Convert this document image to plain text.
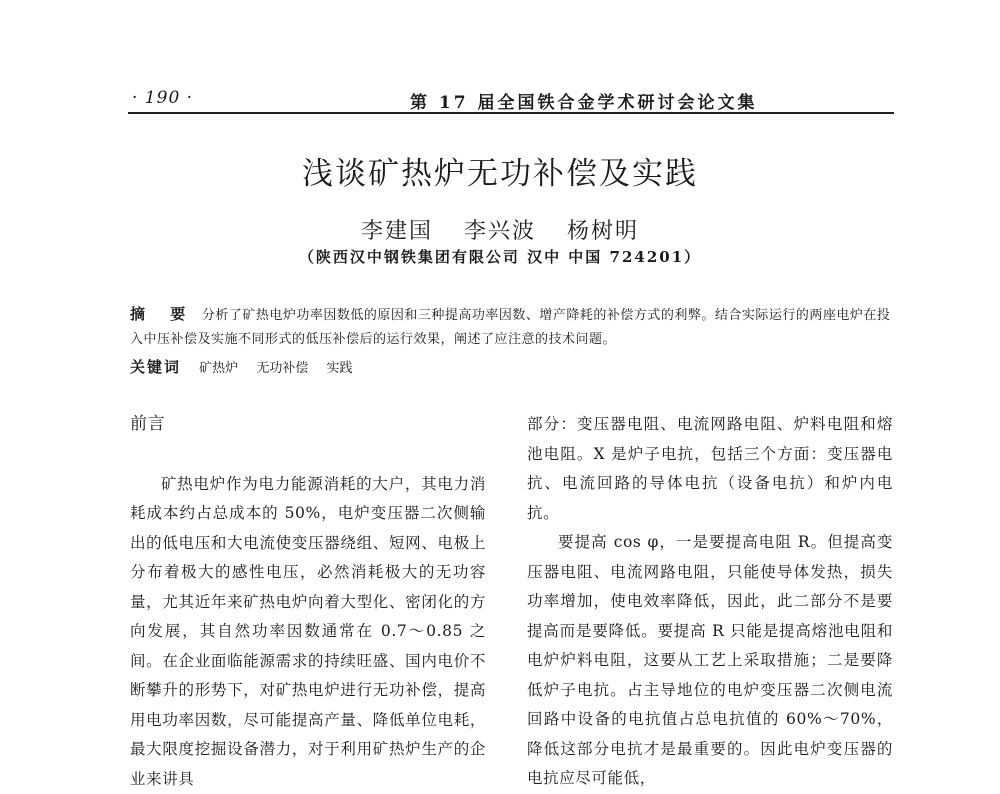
· 190 ·	第 17 届全国铁合金学术研讨会论文集
浅谈矿热炉无功补偿及实践
李建国 李兴波 杨树明
（陕西汉中钢铁集团有限公司 汉中 中国 724201）
摘 要 分析了矿热电炉功率因数低的原因和三种提高功率因数、增产降耗的补偿方式的利弊。结合实际运行的两座电炉在投入中压补偿及实施不同形式的低压补偿后的运行效果，阐述了应注意的技术问题。
关键词 矿热炉 无功补偿 实践
前言

矿热电炉作为电力能源消耗的大户，其电力消耗成本约占总成本的 50%，电炉变压器二次侧输出的低电压和大电流使变压器绕组、短网、电极上分布着极大的感性电压，必然消耗极大的无功容量，尤其近年来矿热电炉向着大型化、密闭化的方向发展，其自然功率因数通常在 0.7～0.85 之间。在企业面临能源需求的持续旺盛、国内电价不断攀升的形势下，对矿热电炉进行无功补偿，提高用电功率因数，尽可能提高产量、降低单位电耗，最大限度挖掘设备潜力，对于利用矿热炉生产的企业来讲具

部分：变压器电阻、电流网路电阻、炉料电阻和熔池电阻。X 是炉子电抗，包括三个方面：变压器电抗、电流回路的导体电抗（设备电抗）和炉内电抗。

要提高 cos φ，一是要提高电阻 R。但提高变压器电阻、电流网路电阻，只能使导体发热，损失功率增加，使电效率降低，因此，此二部分不是要提高而是要降低。要提高 R 只能是提高熔池电阻和电炉炉料电阻，这要从工艺上采取措施；二是要降低炉子电抗。占主导地位的电炉变压器二次侧电流回路中设备的电抗值占总电抗值的 60%～70%，降低这部分电抗才是最重要的。因此电炉变压器的电抗应尽可能低，
